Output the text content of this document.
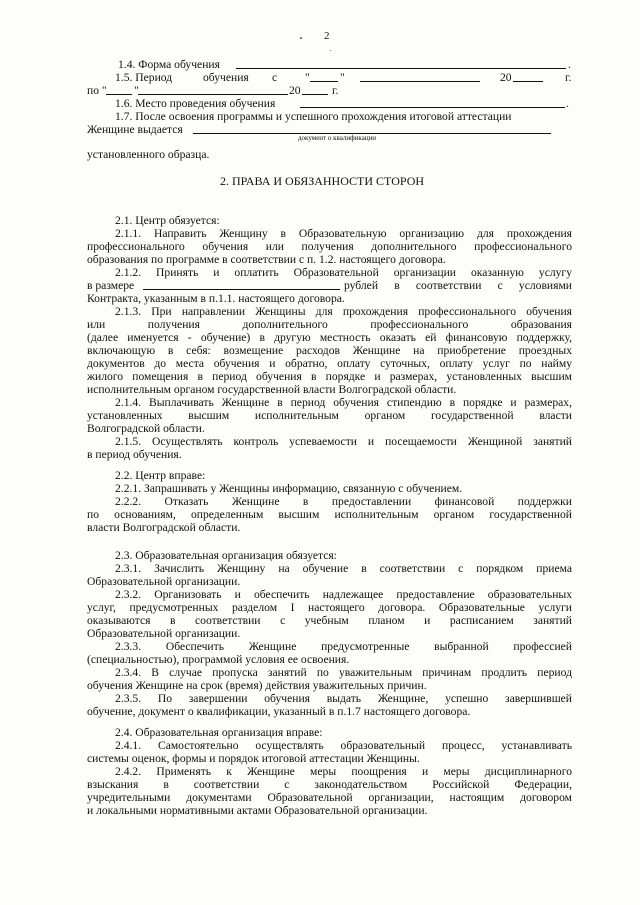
2
1.4. Форма обучения	.
1.5. Период	обучения с "	"	20	г.
по " "	20	г.
1.6. Место проведения обучения	.
1.7. После освоения программы и успешного прохождения итоговой аттестации
Женщине выдается
документ о квалификации
установленного образца.
2. ПРАВА И ОБЯЗАННОСТИ СТОРОН
2.1. Центр обязуется:
2.1.1. Направить Женщину в Образовательную организацию для прохождения
профессионального обучения или получения дополнительного профессионального
образования по программе в соответствии с п. 1.2. настоящего договора.
2.1.2. Принять и оплатить Образовательной организации оказанную услугу
рублей в соответствии с условиями
Контракта, указанным в п.1.1. настоящего договора.
2.1.3. При направлении Женщины для прохождения профессионального обучения
или получения дополнительного профессионального образования
(далее именуется - обучение) в другую местность оказать ей финансовую поддержку,
включающую в себя: возмещение расходов Женщине на приобретение проездных
документов до места обучения и обратно, оплату суточных, оплату услуг по найму
жилого помещения в период обучения в порядке и размерах, установленных высшим
исполнительным органом государственной власти Волгоградской области.
2.1.4. Выплачивать Женщине в период обучения стипендию в порядке и размерах,
установленных высшим исполнительным органом государственной власти
Волгоградской области.
2.1.5. Осуществлять контроль успеваемости и посещаемости Женщиной занятий
в период обучения.
2.2. Центр вправе:
2.2.1. Запрашивать у Женщины информацию, связанную с обучением.
2.2.2. Отказать Женщине в предоставлении финансовой поддержки
по основаниям, определенным высшим исполнительным органом государственной
власти Волгоградской области.
2.3. Образовательная организация обязуется:
2.3.1. Зачислить Женщину на обучение в соответствии с порядком приема
Образовательной организации.
2.3.2. Организовать и обеспечить надлежащее предоставление образовательных
услуг, предусмотренных разделом I настоящего договора. Образовательные услуги
оказываются в соответствии с учебным планом и расписанием занятий
Образовательной организации.
2.3.3. Обеспечить Женщине предусмотренные выбранной профессией
(специальностью), программой условия ее освоения.
2.3.4. В случае пропуска занятий по уважительным причинам продлить период
обучения Женщине на срок (время) действия уважительных причин.
2.3.5. По завершении обучения выдать Женщине, успешно завершившей
обучение, документ о квалификации, указанный в п.1.7 настоящего договора.
2.4. Образовательная организация вправе:
2.4.1. Самостоятельно осуществлять образовательный процесс, устанавливать
системы оценок, формы и порядок итоговой аттестации Женщины.
2.4.2. Применять к Женщине меры поощрения и меры дисциплинарного
взыскания в соответствии с законодательством Российской Федерации,
учредительными документами Образовательной организации, настоящим договором
и локальными нормативными актами Образовательной организации.
в размере
